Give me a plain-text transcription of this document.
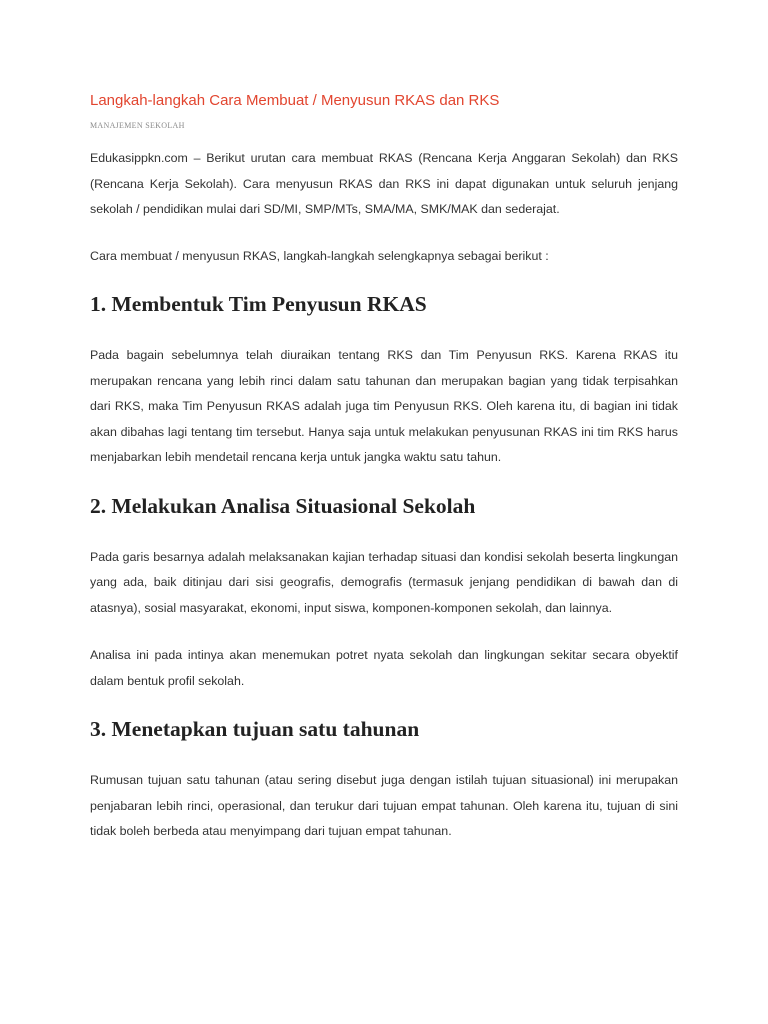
Langkah-langkah Cara Membuat / Menyusun RKAS dan RKS
MANAJEMEN SEKOLAH

Edukasippkn.com – Berikut urutan cara membuat RKAS (Rencana Kerja Anggaran Sekolah) dan RKS (Rencana Kerja Sekolah). Cara menyusun RKAS dan RKS ini dapat digunakan untuk seluruh jenjang sekolah / pendidikan mulai dari SD/MI, SMP/MTs, SMA/MA, SMK/MAK dan sederajat.

Cara membuat / menyusun RKAS, langkah-langkah selengkapnya sebagai berikut :

1. Membentuk Tim Penyusun RKAS

Pada bagain sebelumnya telah diuraikan tentang RKS dan Tim Penyusun RKS. Karena RKAS itu merupakan rencana yang lebih rinci dalam satu tahunan dan merupakan bagian yang tidak terpisahkan dari RKS, maka Tim Penyusun RKAS adalah juga tim Penyusun RKS. Oleh karena itu, di bagian ini tidak akan dibahas lagi tentang tim tersebut. Hanya saja untuk melakukan penyusunan RKAS ini tim RKS harus menjabarkan lebih mendetail rencana kerja untuk jangka waktu satu tahun.

2. Melakukan Analisa Situasional Sekolah

Pada garis besarnya adalah melaksanakan kajian terhadap situasi dan kondisi sekolah beserta lingkungan yang ada, baik ditinjau dari sisi geografis, demografis (termasuk jenjang pendidikan di bawah dan di atasnya), sosial masyarakat, ekonomi, input siswa, komponen-komponen sekolah, dan lainnya.

Analisa ini pada intinya akan menemukan potret nyata sekolah dan lingkungan sekitar secara obyektif dalam bentuk profil sekolah.

3. Menetapkan tujuan satu tahunan

Rumusan tujuan satu tahunan (atau sering disebut juga dengan istilah tujuan situasional) ini merupakan penjabaran lebih rinci, operasional, dan terukur dari tujuan empat tahunan. Oleh karena itu, tujuan di sini tidak boleh berbeda atau menyimpang dari tujuan empat tahunan.
